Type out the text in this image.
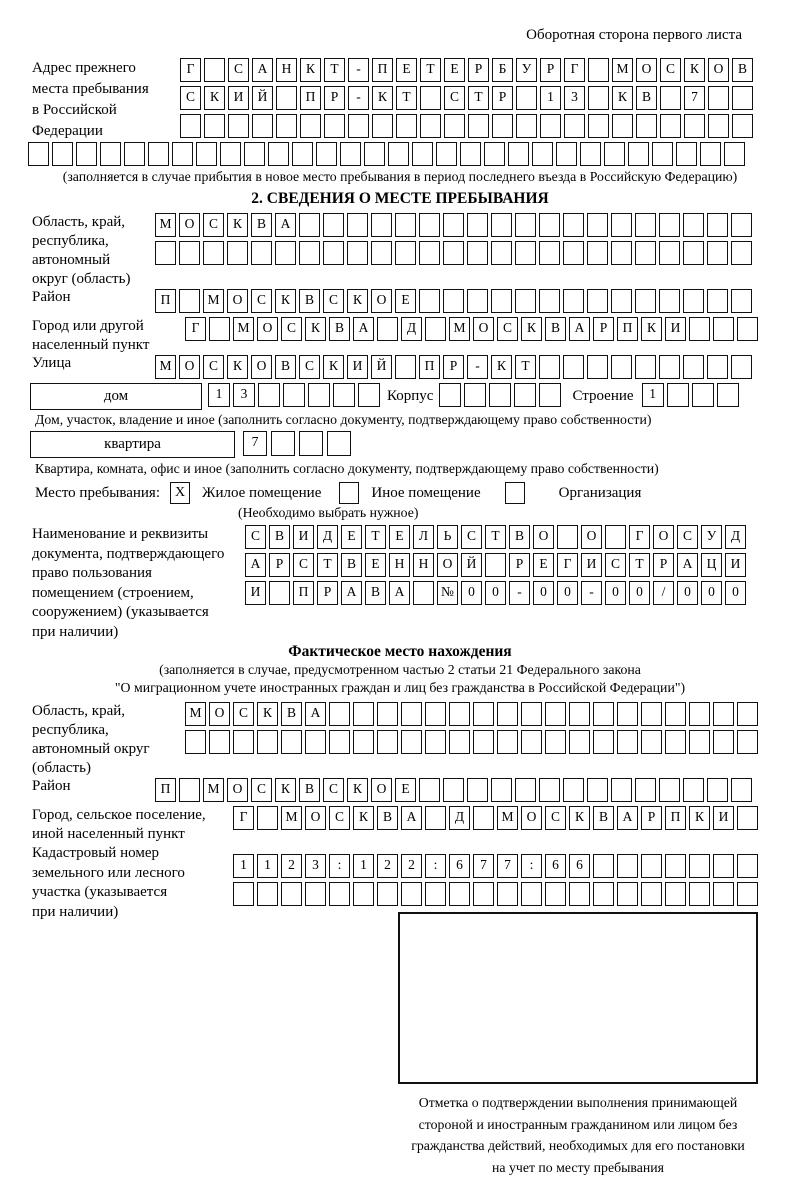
Оборотная сторона первого листа
Адрес прежнего
места пребывания
в Российской
Федерации
Г	С	А	Н	К	Т	-	П	Е	Т	Е	Р	Б	У	Р	Г	М О	С	К	О	В
С	К	И	Й	П	Р	-	К	Т	С	Т	Р	1	3	К	В	7
(заполняется в случае прибытия в новое место пребывания в период последнего въезда в Российскую Федерацию)
2. СВЕДЕНИЯ О МЕСТЕ ПРЕБЫВАНИЯ
Область, край,
республика,
автономный
округ (область)
М О	С	К	В	А
Район	П	М О	С	К	В	С	К	О	Е
Город или другой
населенный пункт
Г	М О	С	К	В	А	Д	М О	С	К	В	А	Р	П	К	И
Улица	М О	С	К	О	В	С	К	И	Й	П	Р	-	К	Т
дом	1	3	Корпус	Строение	1
Дом, участок, владение и иное (заполнить согласно документу, подтверждающему право собственности)
квартира	7
Квартира, комната, офис и иное (заполнить согласно документу, подтверждающему право собственности)
Место пребывания:	X	Жилое помещение	Иное помещение	Организация
(Необходимо выбрать нужное)
Наименование и реквизиты
документа, подтверждающего
право пользования
помещением (строением,
сооружением) (указывается
при наличии)
С	В	И	Д	Е	Т	Е	Л	Ь	С	Т	В	О	О	Г	О	С	У	Д
А	Р	С	Т	В	Е	Н	Н	О	Й	Р	Е	Г	И	С	Т	Р	А	Ц	И
И	П	Р	А	В	А	№	0	0	-	0	0	-	0	0	/	0	0	0
Фактическое место нахождения
(заполняется в случае, предусмотренном частью 2 статьи 21 Федерального закона
"О миграционном учете иностранных граждан и лиц без гражданства в Российской Федерации")
Область, край,
республика,
автономный округ
(область)
М О	С	К	В	А
Район	П	М О	С	К	В	С	К	О	Е
Город, сельское поселение,
иной населенный пункт
Г	М О	С	К	В	А	Д	М О	С	К	В	А	Р	П	К	И
Кадастровый номер
земельного или лесного
участка (указывается
при наличии)
1	1	2	3	:	1	2	2	:	6	7	7	:	6	6
Отметка о подтверждении выполнения принимающей
стороной и иностранным гражданином или лицом без
гражданства действий, необходимых для его постановки
на учет по месту пребывания
